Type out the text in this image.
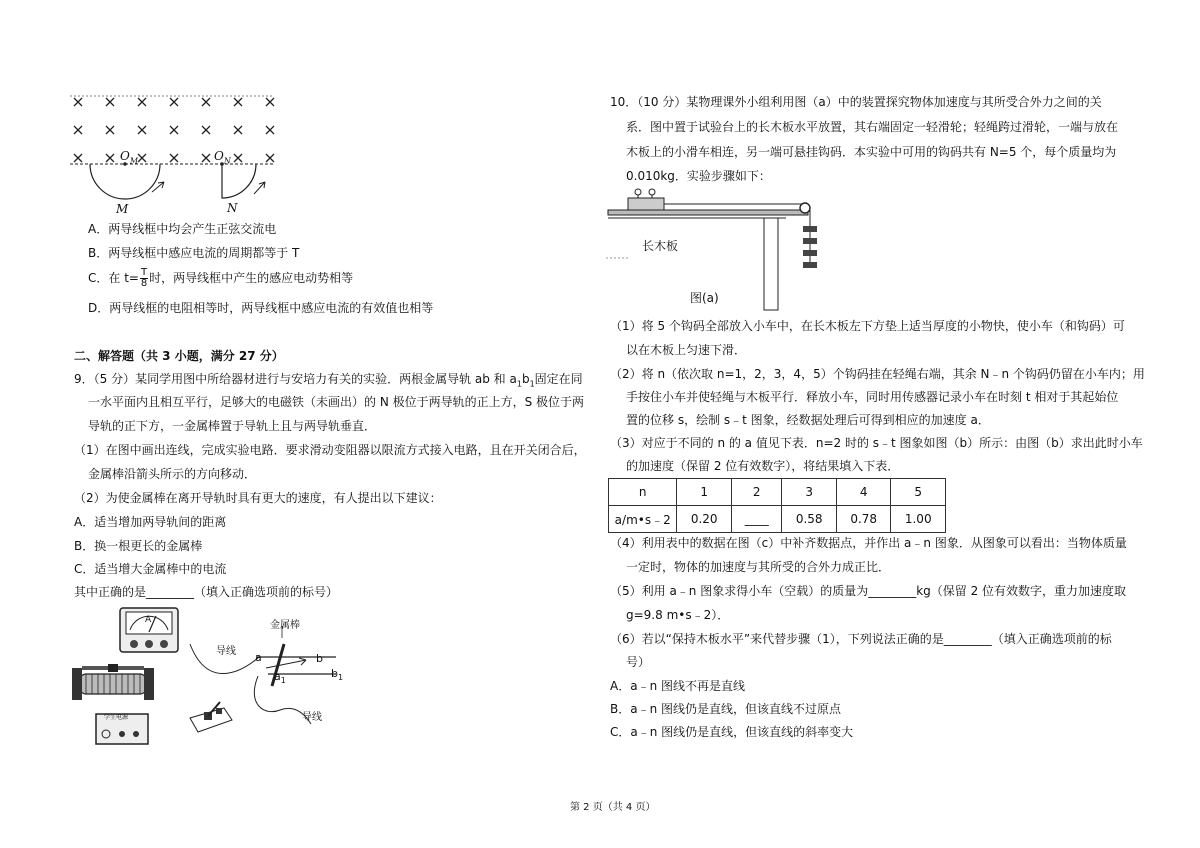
$O_M$	$O_N$
M	N
A．两导线框中均会产生正弦交流电
B．两导线框中感应电流的周期都等于 T
C．在 $t= \frac{T}{8}$ 时，两导线框中产生的感应电动势相等
D．两导线框的电阻相等时，两导线框中感应电流的有效值也相等
二、解答题（共 3 小题，满分 27 分）
9．（5 分）某同学用图中所给器材进行与安培力有关的实验．两根金属导轨 ab 和 $a_1b_1$固定在同
一水平面内且相互平行，足够大的电磁铁（未画出）的 N 极位于两导轨的正上方，S 极位于两
导轨的正下方，一金属棒置于导轨上且与两导轨垂直．
（1）在图中画出连线，完成实验电路．要求滑动变阻器以限流方式接入电路，且在开关闭合后，
金属棒沿箭头所示的方向移动．
（2）为使金属棒在离开导轨时具有更大的速度，有人提出以下建议：
A．适当增加两导轨间的距离
B．换一根更长的金属棒
C．适当增大金属棒中的电流
其中正确的是________（填入正确选项前的标号）
A
学生电源
金属棒
导线
导线
a	b
$a_1$
$b_1$
10．（10 分）某物理课外小组利用图（a）中的装置探究物体加速度与其所受合外力之间的关
系．图中置于试验台上的长木板水平放置，其右端固定一轻滑轮；轻绳跨过滑轮，一端与放在
木板上的小滑车相连，另一端可悬挂钩码．本实验中可用的钩码共有 N=5 个，每个质量均为
0.010kg．实验步骤如下：
长木板
图(a)
（1）将 5 个钩码全部放入小车中，在长木板左下方垫上适当厚度的小物快，使小车（和钩码）可
以在木板上匀速下滑．
（2）将 n（依次取 n=1，2，3，4，5）个钩码挂在轻绳右端，其余 N﹣n 个钩码仍留在小车内；用
手按住小车并使轻绳与木板平行．释放小车，同时用传感器记录小车在时刻 t 相对于其起始位
置的位移 s，绘制 s﹣t 图象，经数据处理后可得到相应的加速度 a．
（3）对应于不同的 n 的 a 值见下表．n=2 时的 s﹣t 图象如图（b）所示：由图（b）求出此时小车
的加速度（保留 2 位有效数字），将结果填入下表．
n	1	2	3	4	5
a/m•s﹣2	0.20	____	0.58	0.78	1.00
（4）利用表中的数据在图（c）中补齐数据点，并作出 a﹣n 图象．从图象可以看出：当物体质量
一定时，物体的加速度与其所受的合外力成正比．
（5）利用 a﹣n 图象求得小车（空载）的质量为________kg（保留 2 位有效数字，重力加速度取
g=9.8 m•s﹣2）．
（6）若以“保持木板水平”来代替步骤（1），下列说法正确的是________（填入正确选项前的标
号）
A．a﹣n 图线不再是直线
B．a﹣n 图线仍是直线，但该直线不过原点
C．a﹣n 图线仍是直线，但该直线的斜率变大
第 2 页（共 4 页）
